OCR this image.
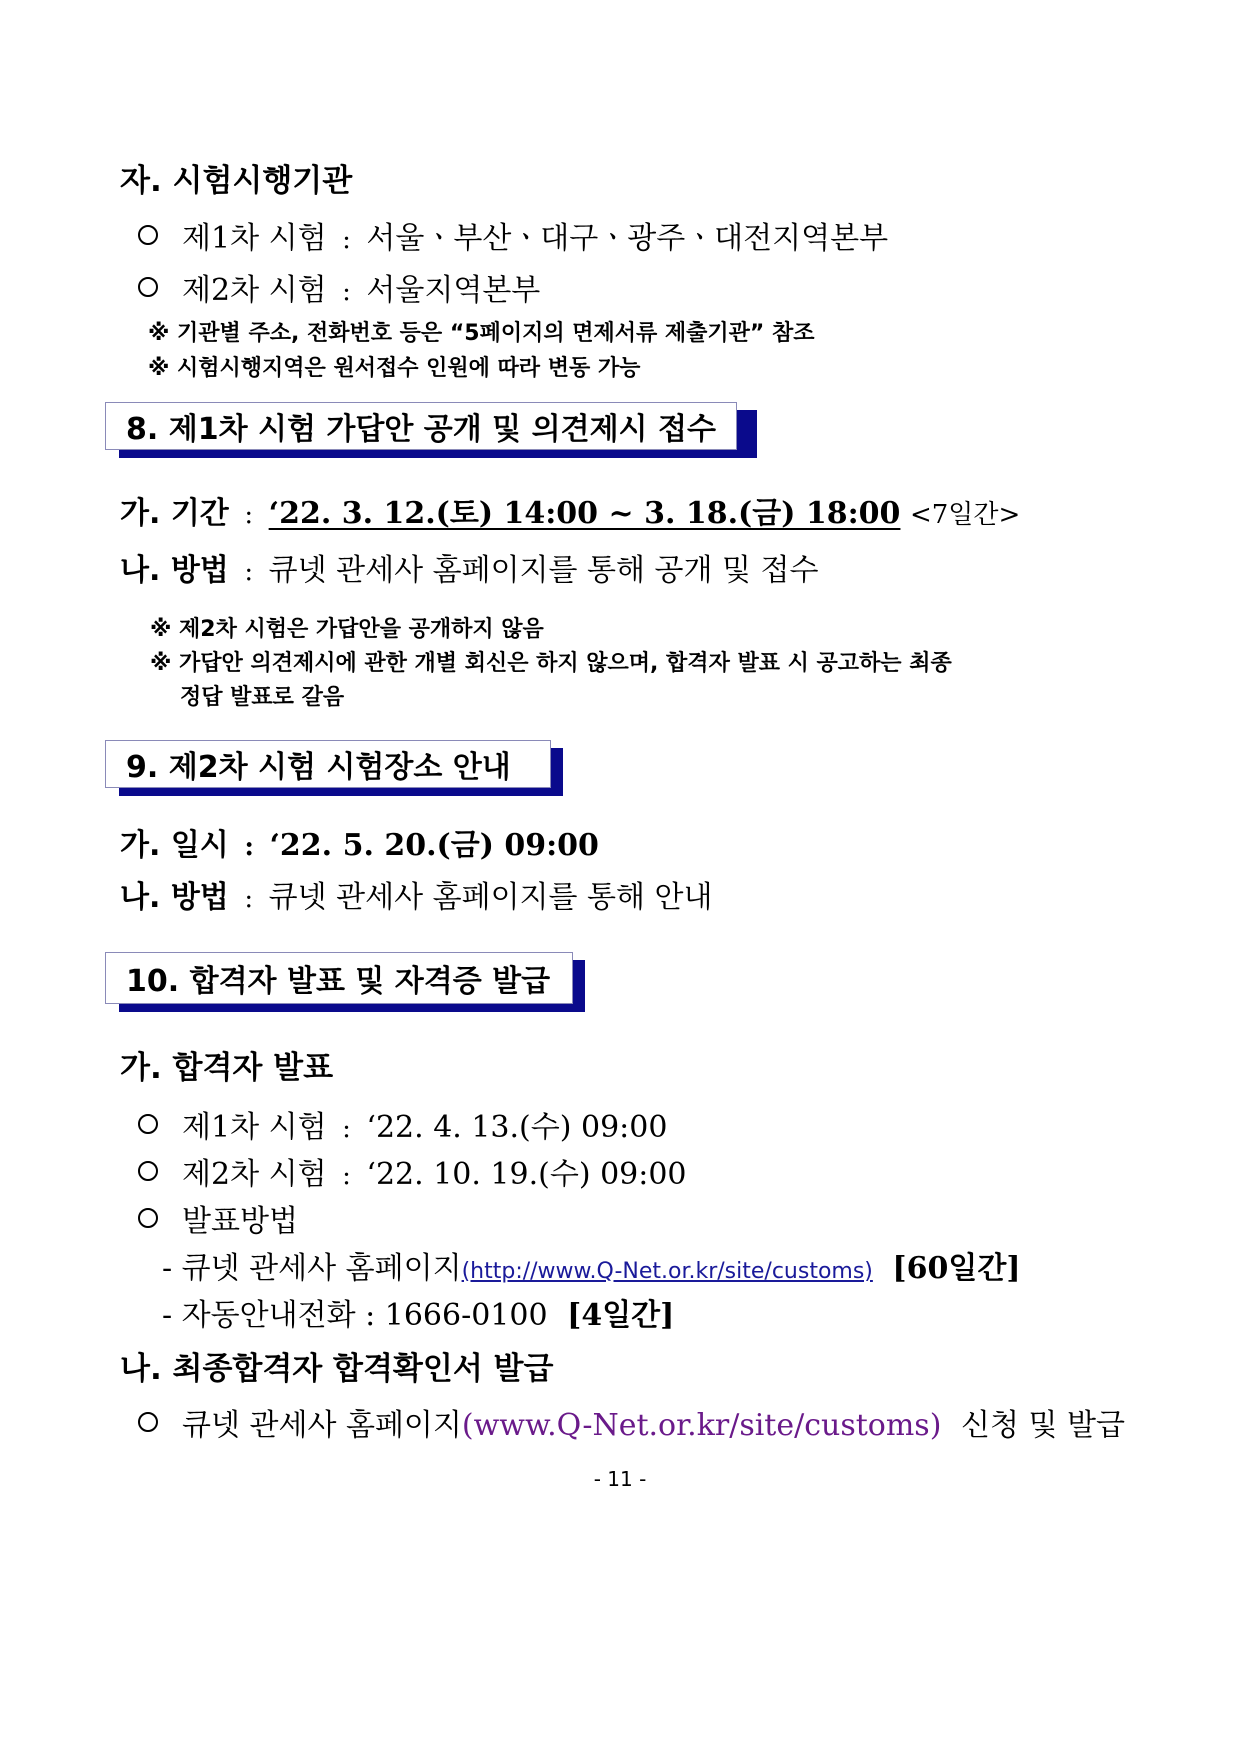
자. 시험시행기관
제1차 시험 : 서울ㆍ부산ㆍ대구ㆍ광주ㆍ대전지역본부
제2차 시험 : 서울지역본부
※ 기관별 주소, 전화번호 등은 “5페이지의 면제서류 제출기관” 참조
※ 시험시행지역은 원서접수 인원에 따라 변동 가능
8. 제1차 시험 가답안 공개 및 의견제시 접수
가. 기간 : ‘22. 3. 12.(토) 14:00 ~ 3. 18.(금) 18:00 <7일간>
나. 방법 : 큐넷 관세사 홈페이지를 통해 공개 및 접수
※ 제2차 시험은 가답안을 공개하지 않음
※ 가답안 의견제시에 관한 개별 회신은 하지 않으며, 합격자 발표 시 공고하는 최종
정답 발표로 갈음
9. 제2차 시험 시험장소 안내
가. 일시 : ‘22. 5. 20.(금) 09:00
나. 방법 : 큐넷 관세사 홈페이지를 통해 안내
10. 합격자 발표 및 자격증 발급
가. 합격자 발표
제1차 시험 : ‘22. 4. 13.(수) 09:00
제2차 시험 : ‘22. 10. 19.(수) 09:00
발표방법
- 큐넷 관세사 홈페이지(http://www.Q-Net.or.kr/site/customs) [60일간]
- 자동안내전화 : 1666-0100 [4일간]
나. 최종합격자 합격확인서 발급
큐넷 관세사 홈페이지(www.Q-Net.or.kr/site/customs) 신청 및 발급
- 11 -
